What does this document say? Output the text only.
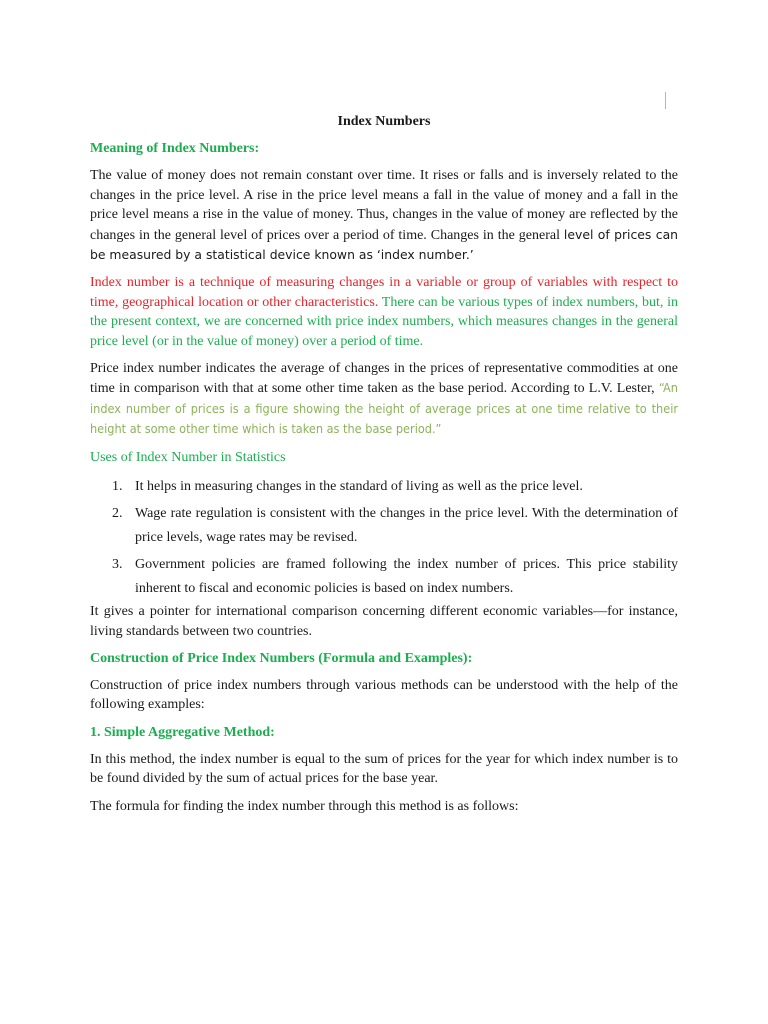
Index Numbers
Meaning of Index Numbers:

The value of money does not remain constant over time. It rises or falls and is inversely related to the changes in the price level. A rise in the price level means a fall in the value of money and a fall in the price level means a rise in the value of money. Thus, changes in the value of money are reflected by the changes in the general level of prices over a period of time. Changes in the general level of prices can be measured by a statistical device known as ‘index number.’

Index number is a technique of measuring changes in a variable or group of variables with respect to time, geographical location or other characteristics. There can be various types of index numbers, but, in the present context, we are concerned with price index numbers, which measures changes in the general price level (or in the value of money) over a period of time.

Price index number indicates the average of changes in the prices of representative commodities at one time in comparison with that at some other time taken as the base period. According to L.V. Lester, “An index number of prices is a figure showing the height of average prices at one time relative to their height at some other time which is taken as the base period.”

Uses of Index Number in Statistics
1. It helps in measuring changes in the standard of living as well as the price level.
2. Wage rate regulation is consistent with the changes in the price level. With the determination of price levels, wage rates may be revised.
3. Government policies are framed following the index number of prices. This price stability inherent to fiscal and economic policies is based on index numbers.

It gives a pointer for international comparison concerning different economic variables—for instance, living standards between two countries.

Construction of Price Index Numbers (Formula and Examples):

Construction of price index numbers through various methods can be understood with the help of the following examples:

1. Simple Aggregative Method:

In this method, the index number is equal to the sum of prices for the year for which index number is to be found divided by the sum of actual prices for the base year.

The formula for finding the index number through this method is as follows:
